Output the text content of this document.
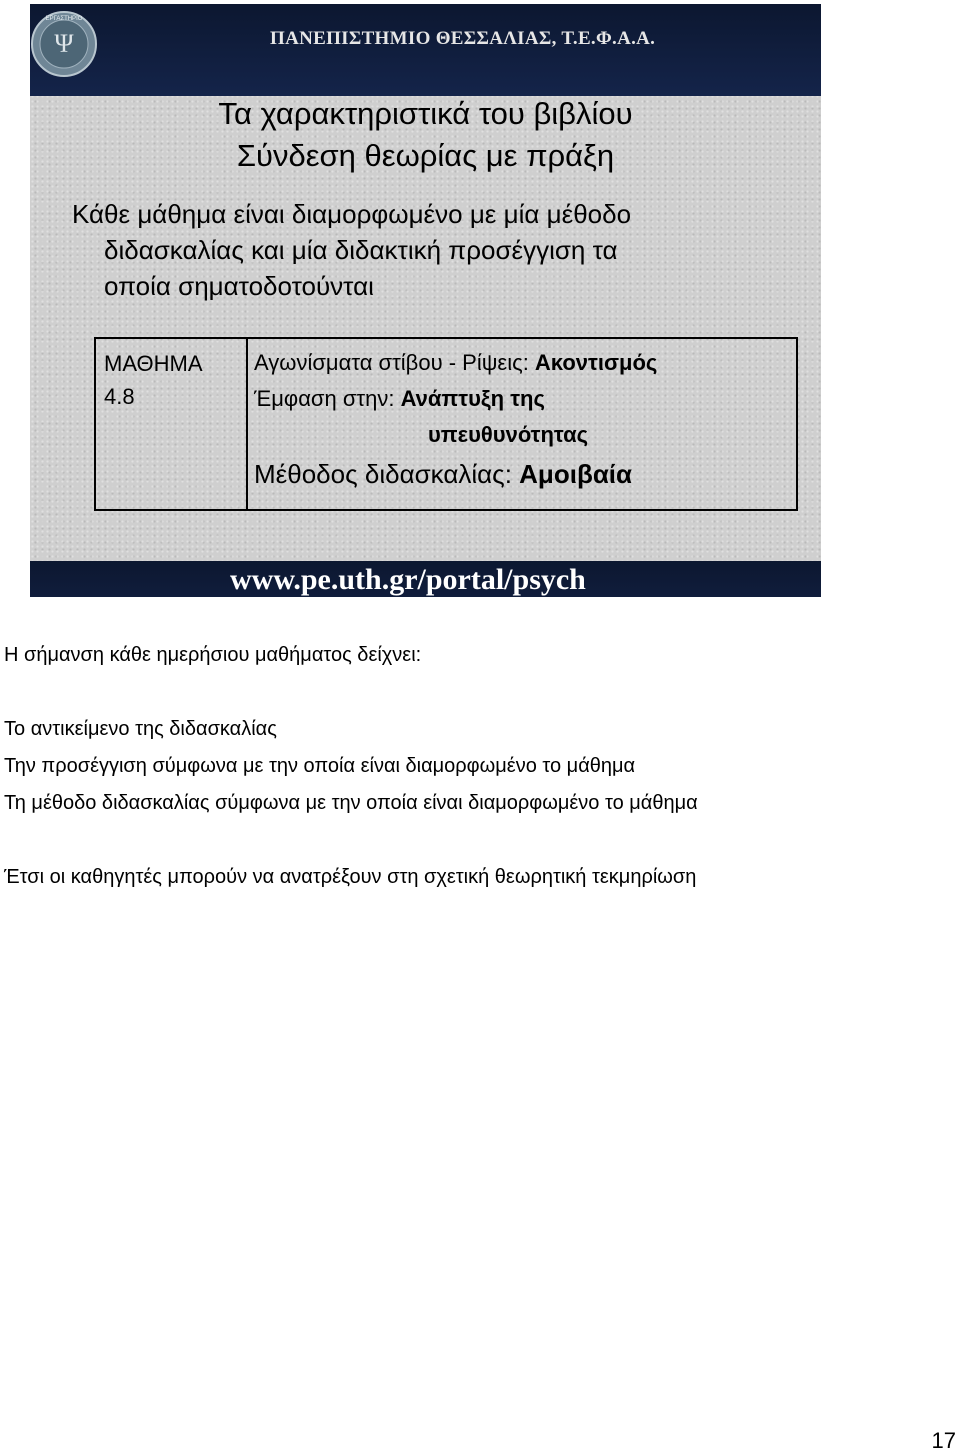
Ψ
ΕΡΓΑΣΤΗΡΙΟ
ΠΑΝΕΠΙΣΤΗΜΙΟ ΘΕΣΣΑΛΙΑΣ, Τ.Ε.Φ.Α.Α.
Τα χαρακτηριστικά του βιβλίου
Σύνδεση θεωρίας με πράξη
Κάθε μάθημα είναι διαμορφωμένο με μία μέθοδο
διδασκαλίας και μία διδακτική προσέγγιση τα
οποία σηματοδοτούνται
ΜΑΘΗΜΑ
4.8
Αγωνίσματα στίβου - Ρίψεις: Ακοντισμός
Έμφαση στην: Ανάπτυξη της
υπευθυνότητας
Μέθοδος διδασκαλίας: Αμοιβαία
www.pe.uth.gr/portal/psych
Η σήμανση κάθε ημερήσιου μαθήματος δείχνει:
Το αντικείμενο της διδασκαλίας
Την προσέγγιση σύμφωνα με την οποία είναι διαμορφωμένο το μάθημα
Τη μέθοδο διδασκαλίας σύμφωνα με την οποία είναι διαμορφωμένο το μάθημα
Έτσι οι καθηγητές μπορούν να ανατρέξουν στη σχετική θεωρητική τεκμηρίωση
17
